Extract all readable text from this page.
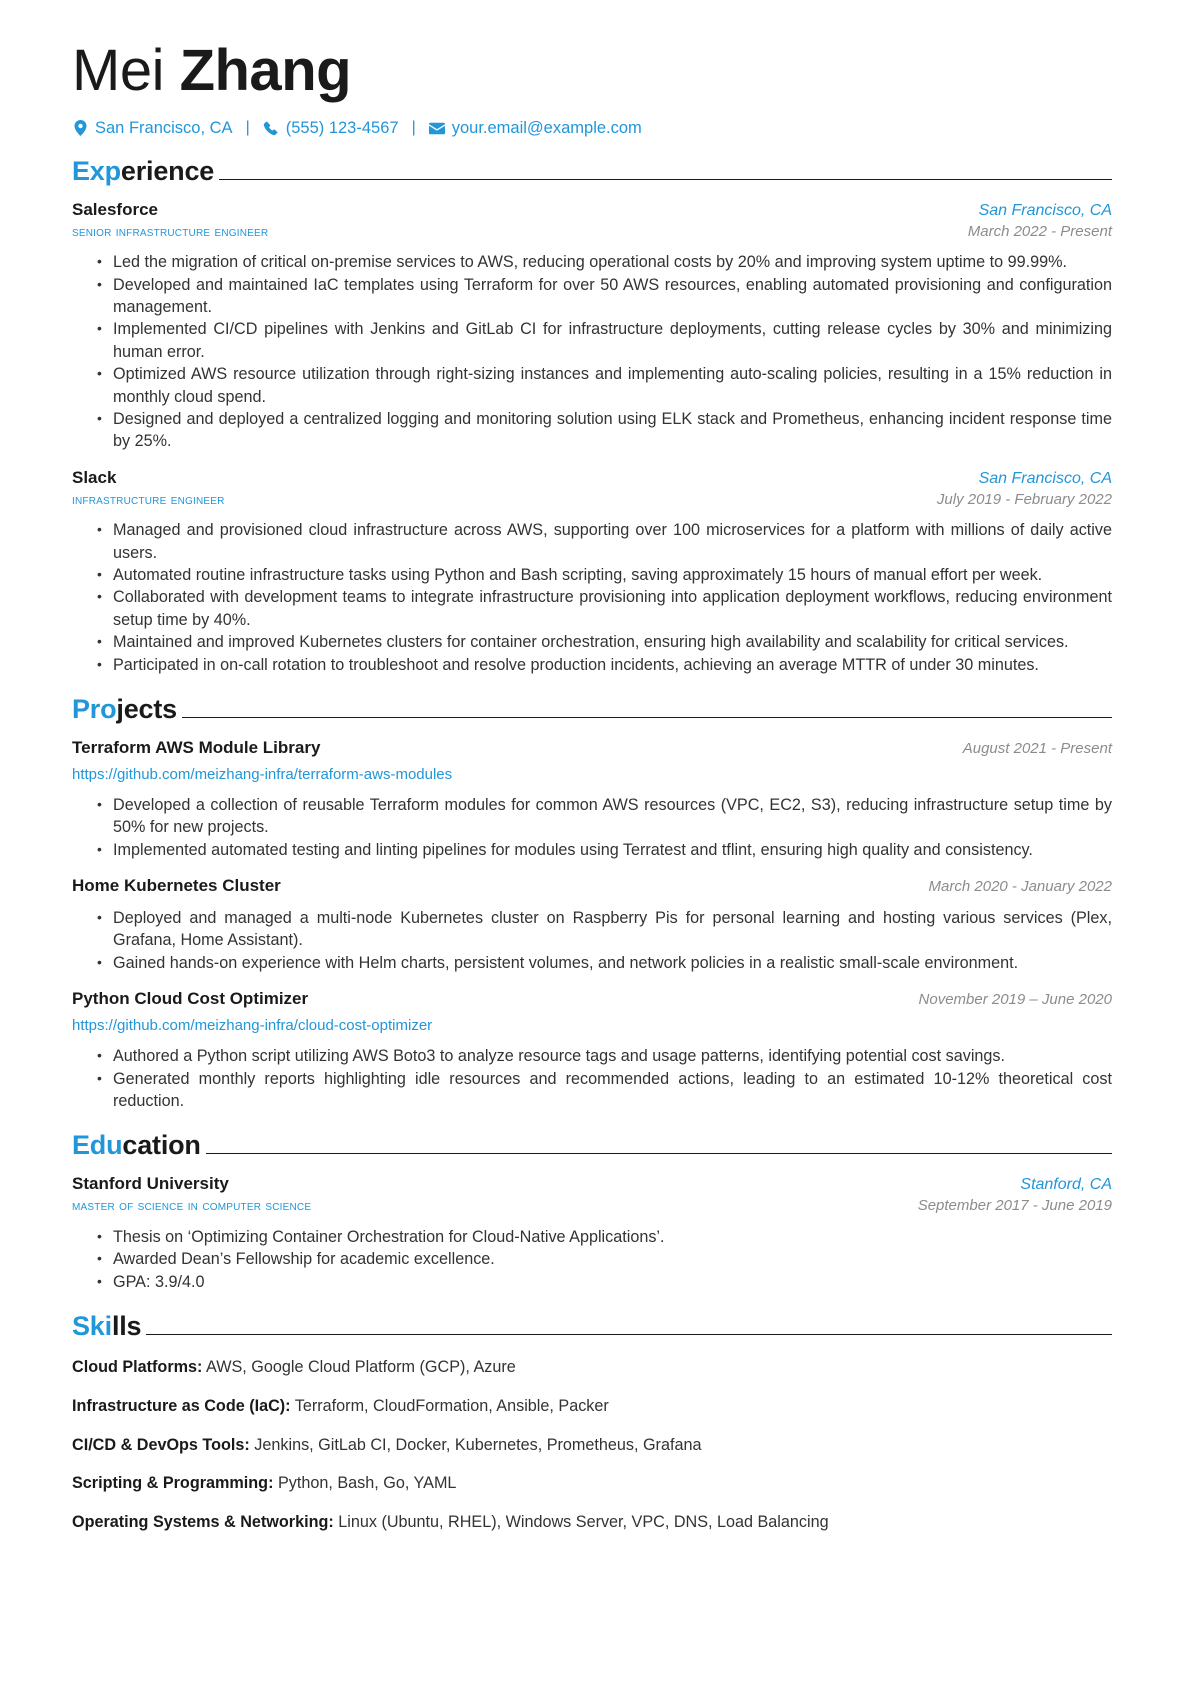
Mei Zhang
San Francisco, CA | (555) 123-4567 | your.email@example.com
Experience
Salesforce	San Francisco, CA
senior infrastructure engineer	March 2022 - Present
• Led the migration of critical on-premise services to AWS, reducing operational costs by 20% and improving system uptime to 99.99%.
• Developed and maintained IaC templates using Terraform for over 50 AWS resources, enabling automated provisioning and configuration management.
• Implemented CI/CD pipelines with Jenkins and GitLab CI for infrastructure deployments, cutting release cycles by 30% and minimizing human error.
• Optimized AWS resource utilization through right-sizing instances and implementing auto-scaling policies, resulting in a 15% reduction in monthly cloud spend.
• Designed and deployed a centralized logging and monitoring solution using ELK stack and Prometheus, enhancing incident response time by 25%.
Slack	San Francisco, CA
infrastructure engineer	July 2019 - February 2022
• Managed and provisioned cloud infrastructure across AWS, supporting over 100 microservices for a platform with millions of daily active users.
• Automated routine infrastructure tasks using Python and Bash scripting, saving approximately 15 hours of manual effort per week.
• Collaborated with development teams to integrate infrastructure provisioning into application deployment workflows, reducing environment setup time by 40%.
• Maintained and improved Kubernetes clusters for container orchestration, ensuring high availability and scalability for critical services.
• Participated in on-call rotation to troubleshoot and resolve production incidents, achieving an average MTTR of under 30 minutes.
Projects
Terraform AWS Module Library	August 2021 - Present
https://github.com/meizhang-infra/terraform-aws-modules
• Developed a collection of reusable Terraform modules for common AWS resources (VPC, EC2, S3), reducing infrastructure setup time by 50% for new projects.
• Implemented automated testing and linting pipelines for modules using Terratest and tflint, ensuring high quality and consistency.
Home Kubernetes Cluster	March 2020 - January 2022
• Deployed and managed a multi-node Kubernetes cluster on Raspberry Pis for personal learning and hosting various services (Plex, Grafana, Home Assistant).
• Gained hands-on experience with Helm charts, persistent volumes, and network policies in a realistic small-scale environment.
Python Cloud Cost Optimizer	November 2019 – June 2020
https://github.com/meizhang-infra/cloud-cost-optimizer
• Authored a Python script utilizing AWS Boto3 to analyze resource tags and usage patterns, identifying potential cost savings.
• Generated monthly reports highlighting idle resources and recommended actions, leading to an estimated 10-12% theoretical cost reduction.
Education
Stanford University	Stanford, CA
master of science in computer science	September 2017 - June 2019
• Thesis on ‘Optimizing Container Orchestration for Cloud-Native Applications’.
• Awarded Dean’s Fellowship for academic excellence.
• GPA: 3.9/4.0
Skills
Cloud Platforms: AWS, Google Cloud Platform (GCP), Azure
Infrastructure as Code (IaC): Terraform, CloudFormation, Ansible, Packer
CI/CD & DevOps Tools: Jenkins, GitLab CI, Docker, Kubernetes, Prometheus, Grafana
Scripting & Programming: Python, Bash, Go, YAML
Operating Systems & Networking: Linux (Ubuntu, RHEL), Windows Server, VPC, DNS, Load Balancing
